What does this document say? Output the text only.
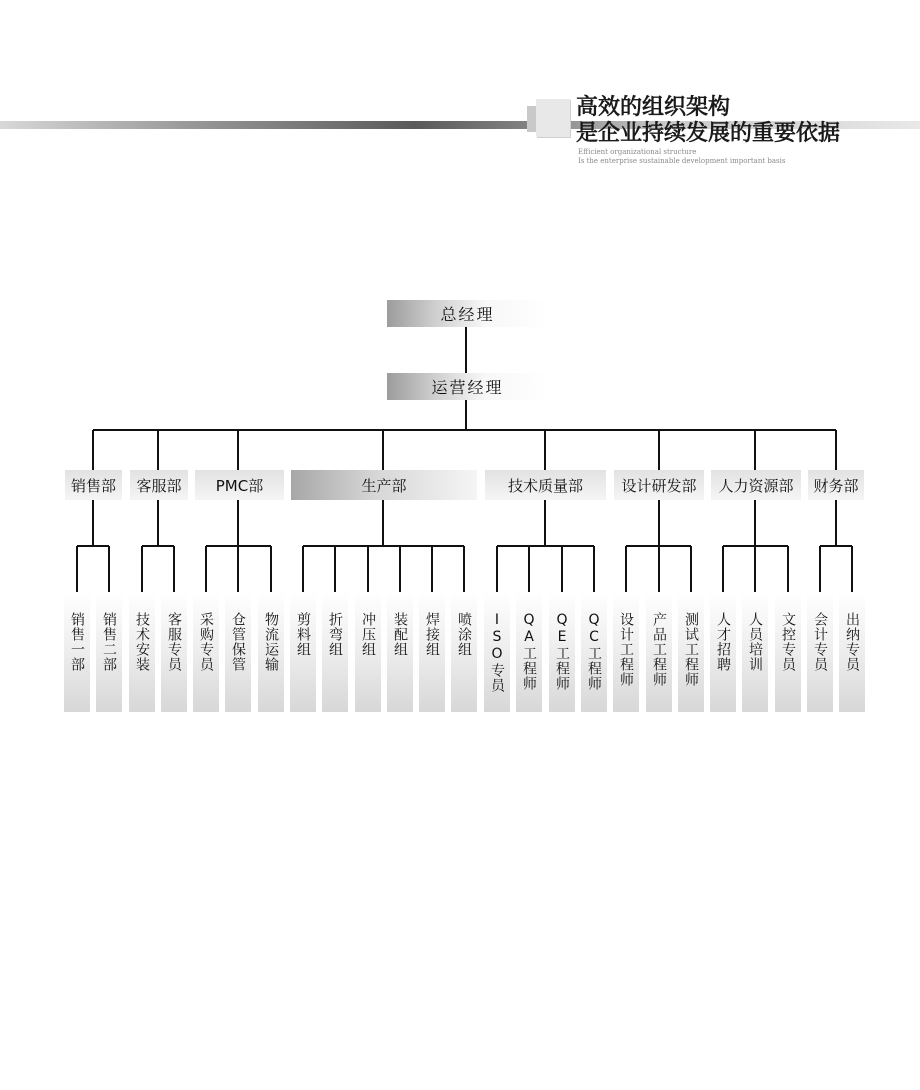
高效的组织架构
是企业持续发展的重要依据
Efficient organizational structure
Is the enterprise sustainable development important basis
总经理
运营经理
销售部	客服部	PMC部	生产部	技术质量部	设计研发部	人力资源部	财务部
销售一部	销售二部	技术安装	客服专员	采购专员	仓管保管	物流运输	剪料组	折弯组	冲压组	装配组	焊接组	喷涂组	ISO专员	QA工程师	QE工程师	QC工程师	设计工程师	产品工程师	测试工程师	人才招聘	人员培训	文控专员	会计专员	出纳专员
